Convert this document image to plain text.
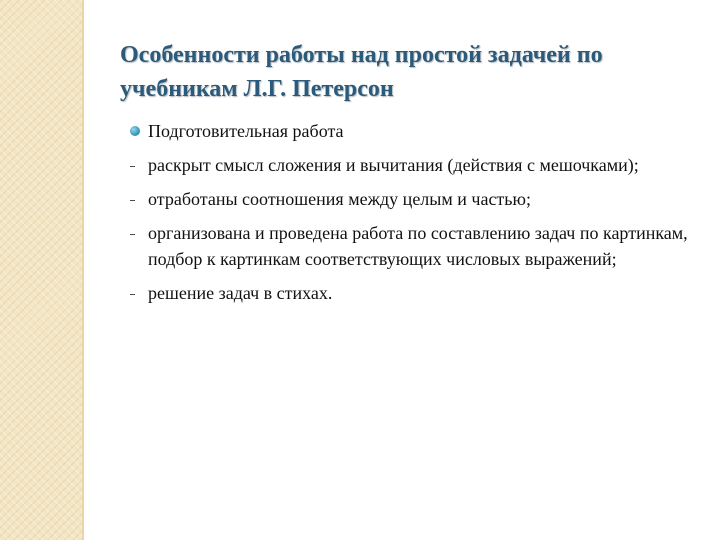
Особенности работы над простой задачей по учебникам Л.Г. Петерсон
Подготовительная работа
раскрыт смысл сложения и вычитания (действия с мешочками);
отработаны соотношения между целым и частью;
организована и проведена работа по составлению задач по картинкам, подбор к картинкам соответствующих числовых выражений;
решение задач в стихах.
